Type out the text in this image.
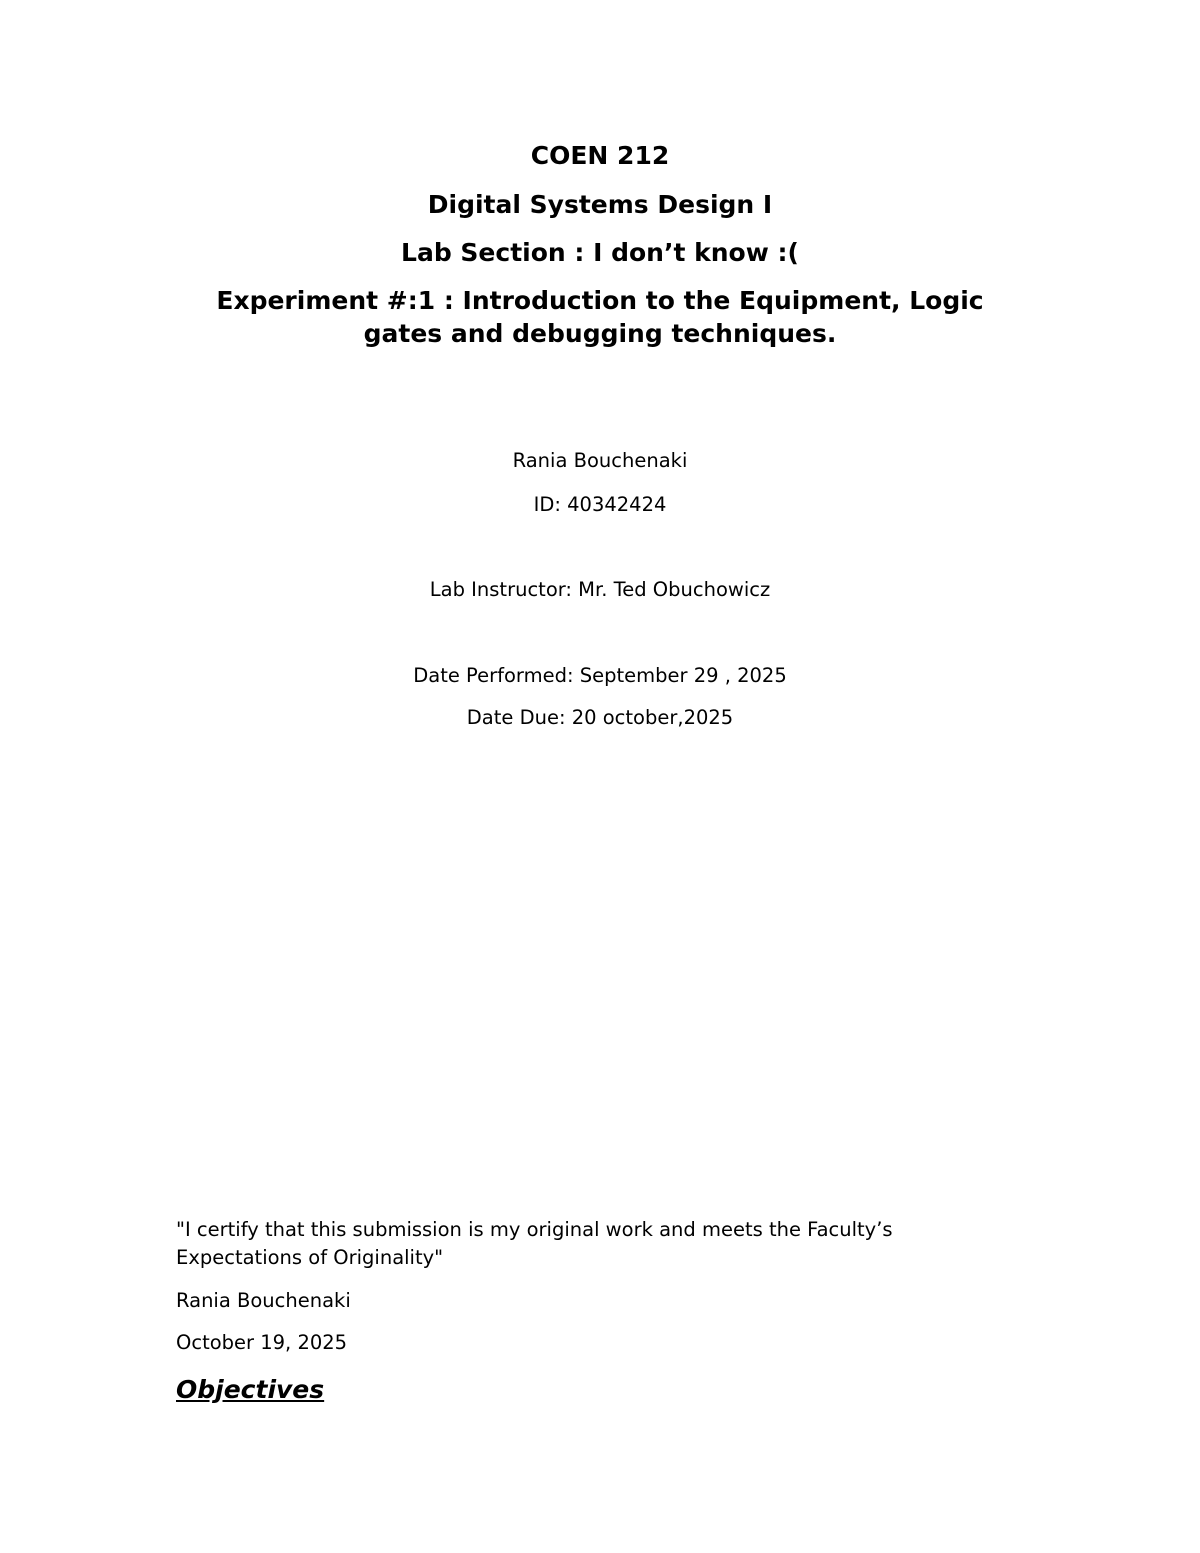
COEN 212
Digital Systems Design I
Lab Section : I don’t know :(
Experiment #:1 : Introduction to the Equipment, Logic
gates and debugging techniques.
Rania Bouchenaki
ID: 40342424
Lab Instructor: Mr. Ted Obuchowicz
Date Performed: September 29 , 2025
Date Due: 20 october,2025
"I certify that this submission is my original work and meets the Faculty’s
Expectations of Originality"
Rania Bouchenaki
October 19, 2025
Objectives
